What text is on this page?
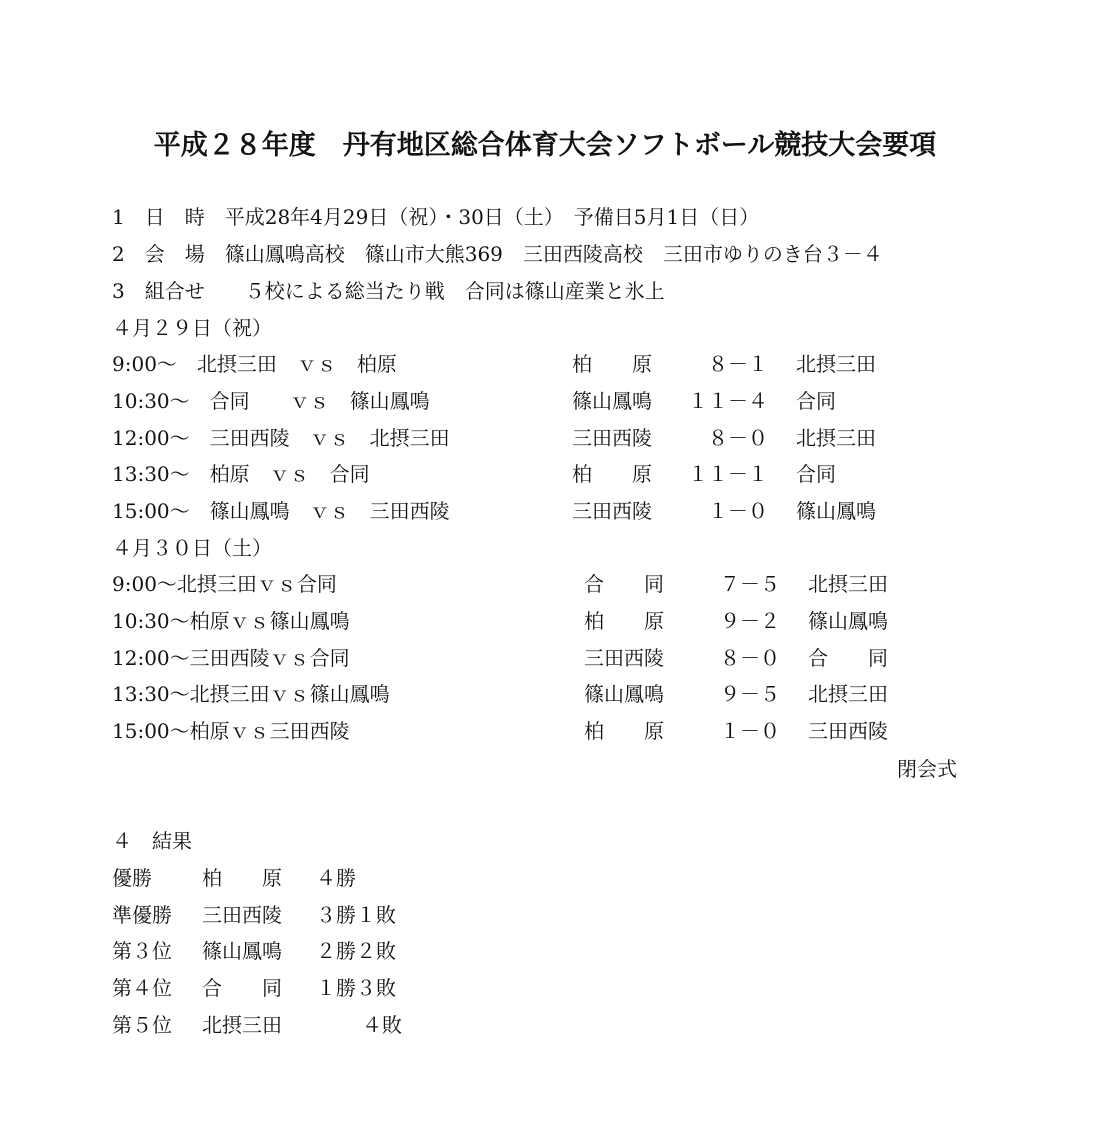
平成２８年度　丹有地区総合体育大会ソフトボール競技大会要項
1　日　時　平成28年4月29日（祝）・30日（土）　予備日5月1日（日）
2　会　場　篠山鳳鳴高校　篠山市大熊369　三田西陵高校　三田市ゆりのき台３－４
3　組合せ　　５校による総当たり戦　合同は篠山産業と氷上
４月２９日（祝）
9:00～　北摂三田　ｖｓ　柏原	柏　　原	８－１ 北摂三田
10:30～　合同　　ｖｓ　篠山鳳鳴	篠山鳳鳴 １１－４ 合同
12:00～　三田西陵　ｖｓ　北摂三田	三田西陵	８－０ 北摂三田
13:30～　柏原　ｖｓ　合同	柏　　原 １１－１ 合同
15:00～　篠山鳳鳴　ｖｓ　三田西陵	三田西陵	１－０ 篠山鳳鳴
４月３０日（土）
9:00～北摂三田ｖｓ合同	合　　同	７－５ 北摂三田
10:30～柏原ｖｓ篠山鳳鳴	柏　　原	９－２ 篠山鳳鳴
12:00～三田西陵ｖｓ合同	三田西陵	８－０ 合　　同
13:30～北摂三田ｖｓ篠山鳳鳴	篠山鳳鳴	９－５ 北摂三田
15:00～柏原ｖｓ三田西陵	柏　　原	１－０ 三田西陵
閉会式
４　結果
優勝	柏　　原 ４勝
準優勝 三田西陵 ３勝１敗
第３位 篠山鳳鳴 ２勝２敗
第４位 合　　同 １勝３敗
第５位 北摂三田	４敗
